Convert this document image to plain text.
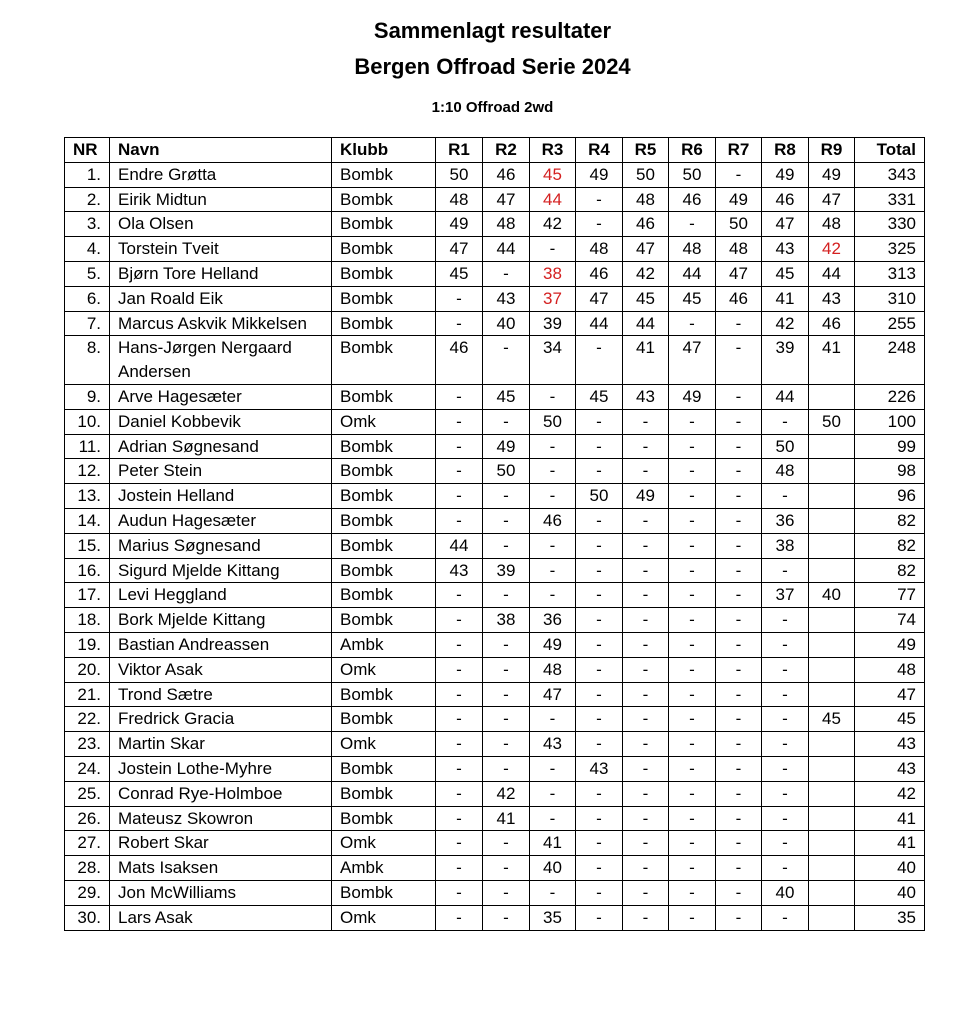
Sammenlagt resultater
Bergen Offroad Serie 2024
1:10 Offroad 2wd
NR	Navn	Klubb	R1	R2	R3	R4	R5	R6	R7	R8	R9	Total
1.	Endre Grøtta	Bombk	50	46	45	49	50	50	-	49	49	343
2.	Eirik Midtun	Bombk	48	47	44	-	48	46	49	46	47	331
3.	Ola Olsen	Bombk	49	48	42	-	46	-	50	47	48	330
4.	Torstein Tveit	Bombk	47	44	-	48	47	48	48	43	42	325
5.	Bjørn Tore Helland	Bombk	45	-	38	46	42	44	47	45	44	313
6.	Jan Roald Eik	Bombk	-	43	37	47	45	45	46	41	43	310
7.	Marcus Askvik Mikkelsen	Bombk	-	40	39	44	44	-	-	42	46	255
8.	Hans-Jørgen Nergaard Andersen	Bombk	46	-	34	-	41	47	-	39	41	248
9.	Arve Hagesæter	Bombk	-	45	-	45	43	49	-	44		226
10.	Daniel Kobbevik	Omk	-	-	50	-	-	-	-	-	50	100
11.	Adrian Søgnesand	Bombk	-	49	-	-	-	-	-	50		99
12.	Peter Stein	Bombk	-	50	-	-	-	-	-	48		98
13.	Jostein Helland	Bombk	-	-	-	50	49	-	-	-		96
14.	Audun Hagesæter	Bombk	-	-	46	-	-	-	-	36		82
15.	Marius Søgnesand	Bombk	44	-	-	-	-	-	-	38		82
16.	Sigurd Mjelde Kittang	Bombk	43	39	-	-	-	-	-	-		82
17.	Levi Heggland	Bombk	-	-	-	-	-	-	-	37	40	77
18.	Bork Mjelde Kittang	Bombk	-	38	36	-	-	-	-	-		74
19.	Bastian Andreassen	Ambk	-	-	49	-	-	-	-	-		49
20.	Viktor Asak	Omk	-	-	48	-	-	-	-	-		48
21.	Trond Sætre	Bombk	-	-	47	-	-	-	-	-		47
22.	Fredrick Gracia	Bombk	-	-	-	-	-	-	-	-	45	45
23.	Martin Skar	Omk	-	-	43	-	-	-	-	-		43
24.	Jostein Lothe-Myhre	Bombk	-	-	-	43	-	-	-	-		43
25.	Conrad Rye-Holmboe	Bombk	-	42	-	-	-	-	-	-		42
26.	Mateusz Skowron	Bombk	-	41	-	-	-	-	-	-		41
27.	Robert Skar	Omk	-	-	41	-	-	-	-	-		41
28.	Mats Isaksen	Ambk	-	-	40	-	-	-	-	-		40
29.	Jon McWilliams	Bombk	-	-	-	-	-	-	-	40		40
30.	Lars Asak	Omk	-	-	35	-	-	-	-	-		35
